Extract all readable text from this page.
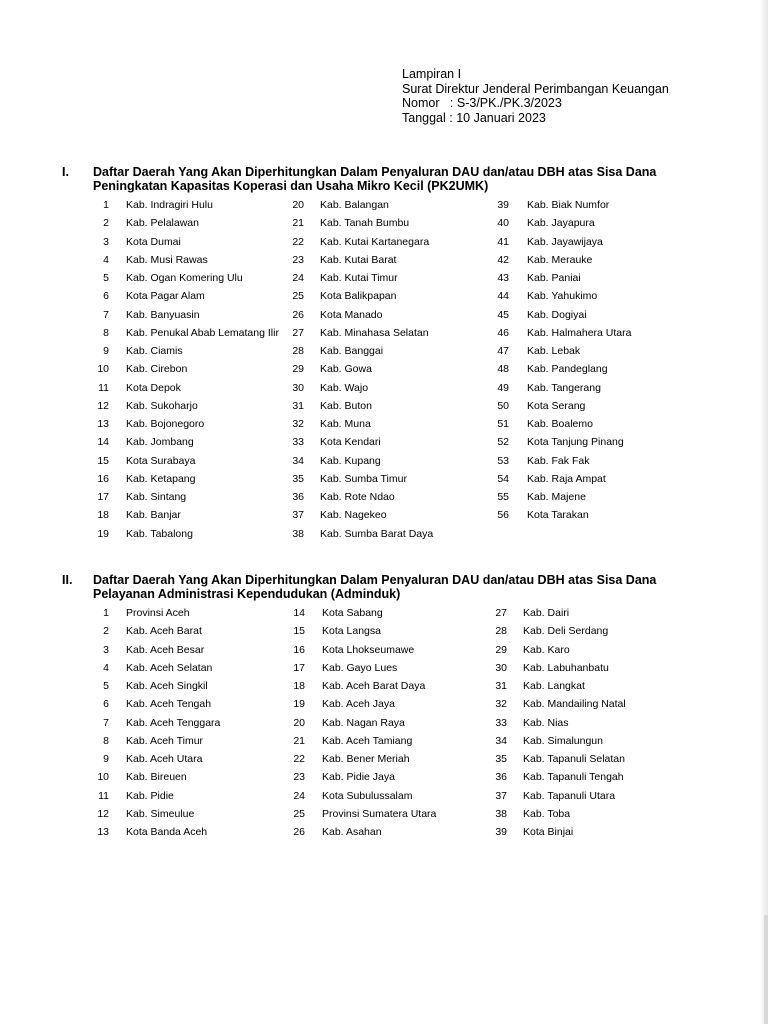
Lampiran I
Surat Direktur Jenderal Perimbangan Keuangan
Nomor   : S-3/PK./PK.3/2023
Tanggal : 10 Januari 2023
I. Daftar Daerah Yang Akan Diperhitungkan Dalam Penyaluran DAU dan/atau DBH atas Sisa Dana Peningkatan Kapasitas Koperasi dan Usaha Mikro Kecil (PK2UMK)
1 Kab. Indragiri Hulu
2 Kab. Pelalawan
3 Kota Dumai
4 Kab. Musi Rawas
5 Kab. Ogan Komering Ulu
6 Kota Pagar Alam
7 Kab. Banyuasin
8 Kab. Penukal Abab Lematang Ilir
9 Kab. Ciamis
10 Kab. Cirebon
11 Kota Depok
12 Kab. Sukoharjo
13 Kab. Bojonegoro
14 Kab. Jombang
15 Kota Surabaya
16 Kab. Ketapang
17 Kab. Sintang
18 Kab. Banjar
19 Kab. Tabalong
20 Kab. Balangan
21 Kab. Tanah Bumbu
22 Kab. Kutai Kartanegara
23 Kab. Kutai Barat
24 Kab. Kutai Timur
25 Kota Balikpapan
26 Kota Manado
27 Kab. Minahasa Selatan
28 Kab. Banggai
29 Kab. Gowa
30 Kab. Wajo
31 Kab. Buton
32 Kab. Muna
33 Kota Kendari
34 Kab. Kupang
35 Kab. Sumba Timur
36 Kab. Rote Ndao
37 Kab. Nagekeo
38 Kab. Sumba Barat Daya
39 Kab. Biak Numfor
40 Kab. Jayapura
41 Kab. Jayawijaya
42 Kab. Merauke
43 Kab. Paniai
44 Kab. Yahukimo
45 Kab. Dogiyai
46 Kab. Halmahera Utara
47 Kab. Lebak
48 Kab. Pandeglang
49 Kab. Tangerang
50 Kota Serang
51 Kab. Boalemo
52 Kota Tanjung Pinang
53 Kab. Fak Fak
54 Kab. Raja Ampat
55 Kab. Majene
56 Kota Tarakan
II. Daftar Daerah Yang Akan Diperhitungkan Dalam Penyaluran DAU dan/atau DBH atas Sisa Dana Pelayanan Administrasi Kependudukan (Adminduk)
1 Provinsi Aceh
2 Kab. Aceh Barat
3 Kab. Aceh Besar
4 Kab. Aceh Selatan
5 Kab. Aceh Singkil
6 Kab. Aceh Tengah
7 Kab. Aceh Tenggara
8 Kab. Aceh Timur
9 Kab. Aceh Utara
10 Kab. Bireuen
11 Kab. Pidie
12 Kab. Simeulue
13 Kota Banda Aceh
14 Kota Sabang
15 Kota Langsa
16 Kota Lhokseumawe
17 Kab. Gayo Lues
18 Kab. Aceh Barat Daya
19 Kab. Aceh Jaya
20 Kab. Nagan Raya
21 Kab. Aceh Tamiang
22 Kab. Bener Meriah
23 Kab. Pidie Jaya
24 Kota Subulussalam
25 Provinsi Sumatera Utara
26 Kab. Asahan
27 Kab. Dairi
28 Kab. Deli Serdang
29 Kab. Karo
30 Kab. Labuhanbatu
31 Kab. Langkat
32 Kab. Mandailing Natal
33 Kab. Nias
34 Kab. Simalungun
35 Kab. Tapanuli Selatan
36 Kab. Tapanuli Tengah
37 Kab. Tapanuli Utara
38 Kab. Toba
39 Kota Binjai
